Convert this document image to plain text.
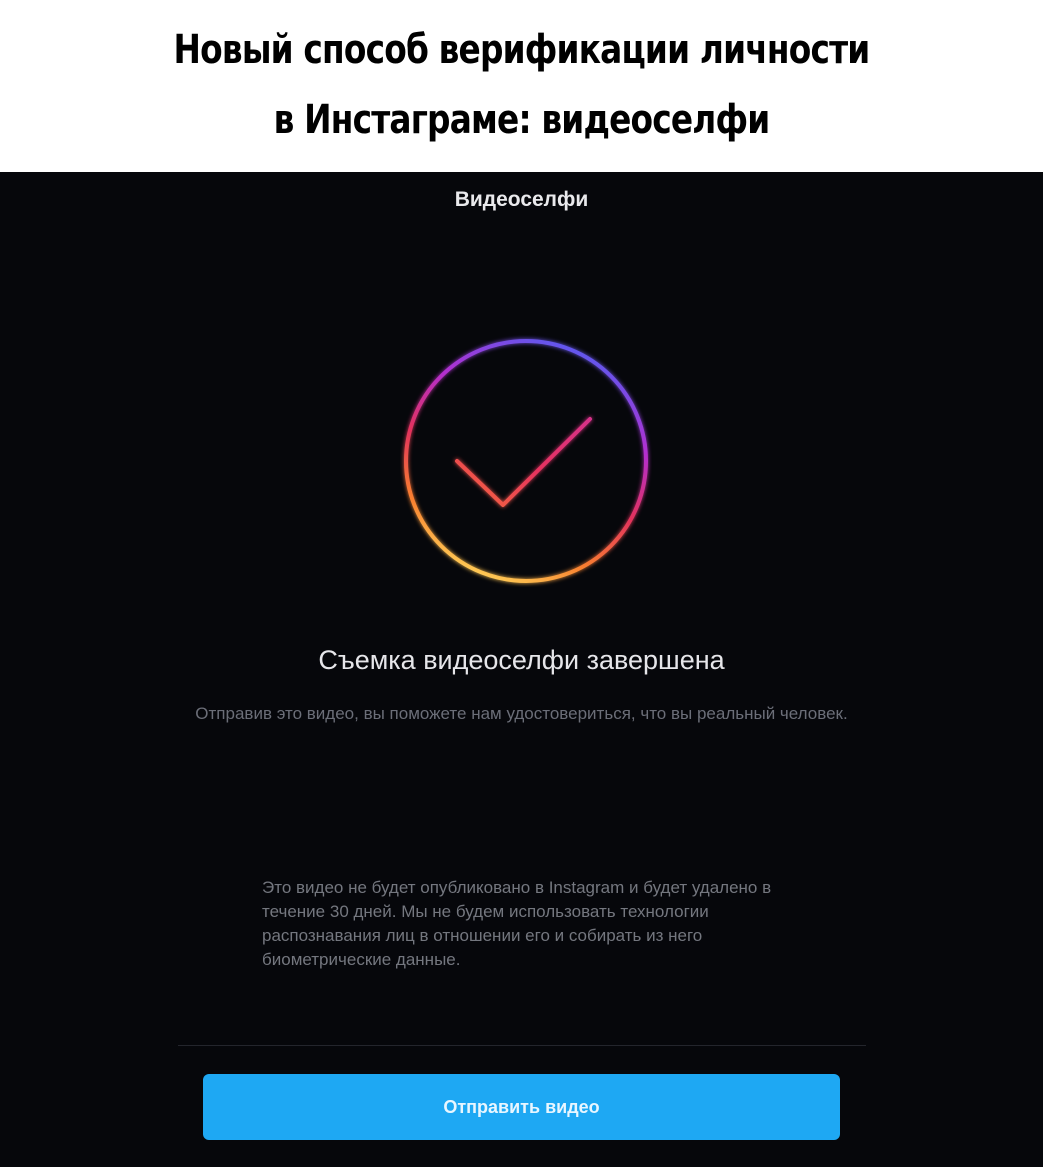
Новый способ верификации личности
в Инстаграме: видеоселфи
Видеоселфи
Съемка видеоселфи завершена
Отправив это видео, вы поможете нам удостовериться, что вы реальный человек.
Это видео не будет опубликовано в Instagram и будет удалено в течение 30 дней. Мы не будем использовать технологии распознавания лиц в отношении его и собирать из него биометрические данные.
Отправить видео
